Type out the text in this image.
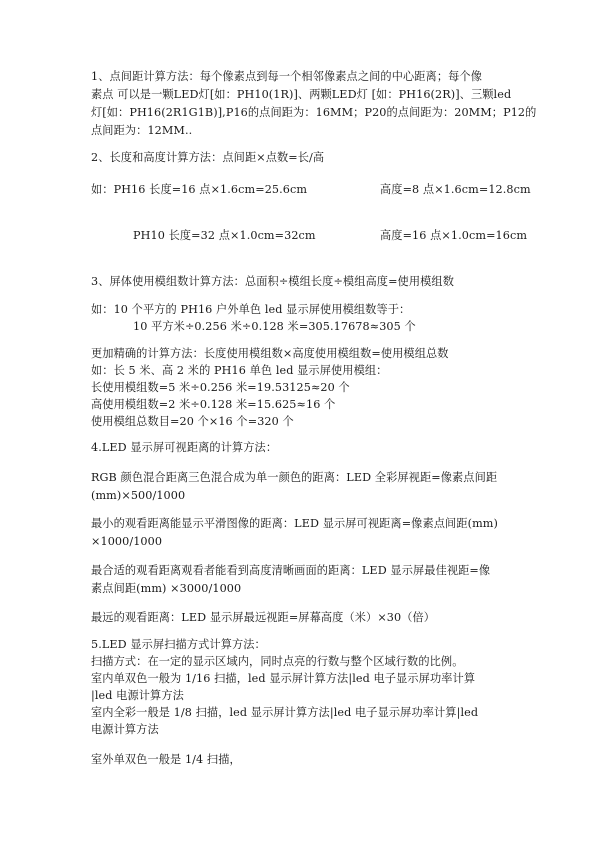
1、点间距计算方法：每个像素点到每一个相邻像素点之间的中心距离；每个像
素点 可以是一颗LED灯[如：PH10(1R)]、两颗LED灯 [如：PH16(2R)]、三颗led
灯[如：PH16(2R1G1B)],P16的点间距为：16MM；P20的点间距为：20MM；P12的
点间距为：12MM..
2、长度和高度计算方法：点间距×点数=长/高
如：PH16 长度=16 点×1.6cm=25.6cm	高度=8 点×1.6cm=12.8cm
PH10 长度=32 点×1.0cm=32cm	高度=16 点×1.0cm=16cm
3、屏体使用模组数计算方法：总面积÷模组长度÷模组高度=使用模组数
如：10 个平方的 PH16 户外单色 led 显示屏使用模组数等于：
10 平方米÷0.256 米÷0.128 米=305.17678≈305 个
更加精确的计算方法：长度使用模组数×高度使用模组数=使用模组总数
如：长 5 米、高 2 米的 PH16 单色 led 显示屏使用模组：
长使用模组数=5 米÷0.256 米=19.53125≈20 个
高使用模组数=2 米÷0.128 米=15.625≈16 个
使用模组总数目=20 个×16 个=320 个
4.LED 显示屏可视距离的计算方法：
RGB 颜色混合距离三色混合成为单一颜色的距离：LED 全彩屏视距=像素点间距
(mm)×500/1000
最小的观看距离能显示平滑图像的距离：LED 显示屏可视距离=像素点间距(mm)
×1000/1000
最合适的观看距离观看者能看到高度清晰画面的距离：LED 显示屏最佳视距=像
素点间距(mm) ×3000/1000
最远的观看距离：LED 显示屏最远视距=屏幕高度（米）×30（倍）
5.LED 显示屏扫描方式计算方法：
扫描方式：在一定的显示区域内，同时点亮的行数与整个区域行数的比例。
室内单双色一般为 1/16 扫描，led 显示屏计算方法|led 电子显示屏功率计算
|led 电源计算方法
室内全彩一般是 1/8 扫描，led 显示屏计算方法|led 电子显示屏功率计算|led
电源计算方法
室外单双色一般是 1/4 扫描，
